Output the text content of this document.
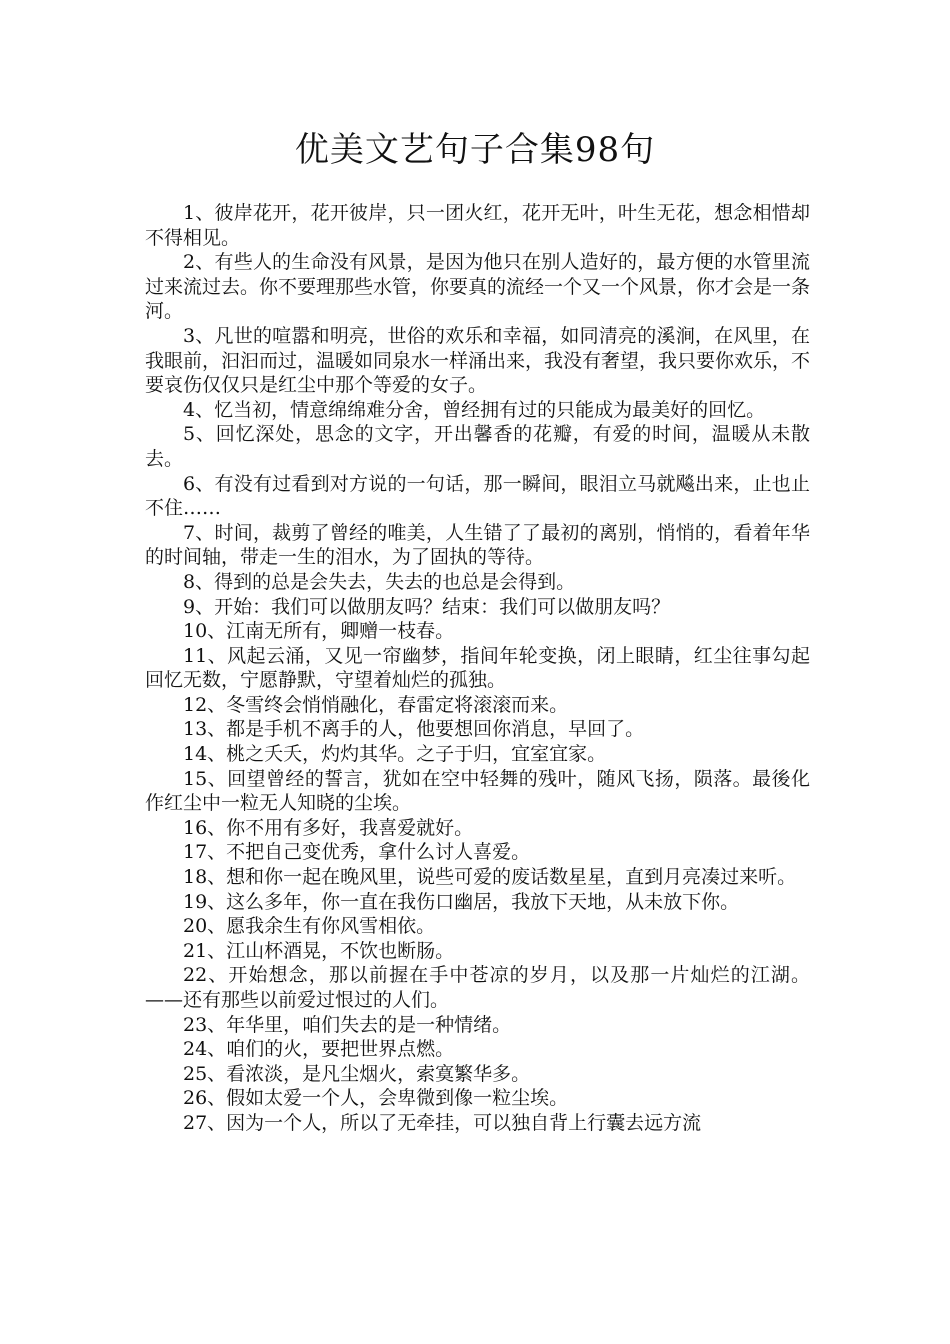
优美文艺句子合集98句

1、彼岸花开，花开彼岸，只一团火红，花开无叶，叶生无花，想念相惜却不得相见。

2、有些人的生命没有风景，是因为他只在别人造好的，最方便的水管里流过来流过去。你不要理那些水管，你要真的流经一个又一个风景，你才会是一条河。

3、凡世的喧嚣和明亮，世俗的欢乐和幸福，如同清亮的溪涧，在风里，在我眼前，汩汩而过，温暖如同泉水一样涌出来，我没有奢望，我只要你欢乐，不要哀伤仅仅只是红尘中那个等爱的女子。

4、忆当初，情意绵绵难分舍，曾经拥有过的只能成为最美好的回忆。

5、回忆深处，思念的文字，开出馨香的花瓣，有爱的时间，温暖从未散去。

6、有没有过看到对方说的一句话，那一瞬间，眼泪立马就飚出来，止也止不住……

7、时间，裁剪了曾经的唯美，人生错了了最初的离别，悄悄的，看着年华的时间轴，带走一生的泪水，为了固执的等待。

8、得到的总是会失去，失去的也总是会得到。

9、开始：我们可以做朋友吗？结束：我们可以做朋友吗？

10、江南无所有，卿赠一枝春。

11、风起云涌，又见一帘幽梦，指间年轮变换，闭上眼睛，红尘往事勾起回忆无数，宁愿静默，守望着灿烂的孤独。

12、冬雪终会悄悄融化，春雷定将滚滚而来。

13、都是手机不离手的人，他要想回你消息，早回了。

14、桃之夭夭，灼灼其华。之子于归，宜室宜家。

15、回望曾经的誓言，犹如在空中轻舞的残叶，随风飞扬，陨落。最後化作红尘中一粒无人知晓的尘埃。

16、你不用有多好，我喜爱就好。

17、不把自己变优秀，拿什么讨人喜爱。

18、想和你一起在晚风里，说些可爱的废话数星星，直到月亮凑过来听。

19、这么多年，你一直在我伤口幽居，我放下天地，从未放下你。

20、愿我余生有你风雪相依。

21、江山杯酒晃，不饮也断肠。

22、开始想念，那以前握在手中苍凉的岁月，以及那一片灿烂的江湖。——还有那些以前爱过恨过的人们。

23、年华里，咱们失去的是一种情绪。

24、咱们的火，要把世界点燃。

25、看浓淡，是凡尘烟火，索寞繁华多。

26、假如太爱一个人，会卑微到像一粒尘埃。

27、因为一个人，所以了无牵挂，可以独自背上行囊去远方流
